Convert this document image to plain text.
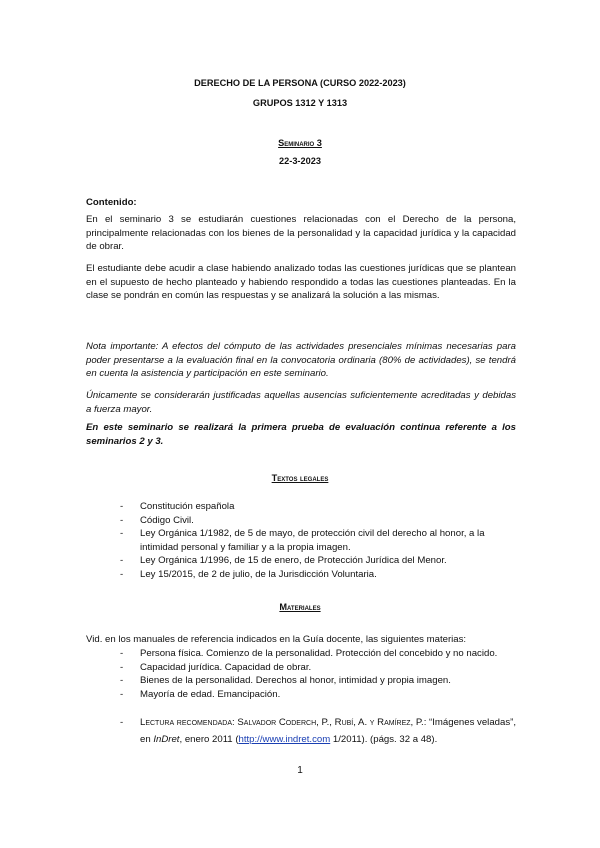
DERECHO DE LA PERSONA (CURSO 2022-2023)
GRUPOS 1312 Y 1313
Seminario 3
22-3-2023
Contenido:
En el seminario 3 se estudiarán cuestiones relacionadas con el Derecho de la persona, principalmente relacionadas con los bienes de la personalidad y la capacidad jurídica y la capacidad de obrar.
El estudiante debe acudir a clase habiendo analizado todas las cuestiones jurídicas que se plantean en el supuesto de hecho planteado y habiendo respondido a todas las cuestiones planteadas. En la clase se pondrán en común las respuestas y se analizará la solución a las mismas.
Nota importante: A efectos del cómputo de las actividades presenciales mínimas necesarias para poder presentarse a la evaluación final en la convocatoria ordinaria (80% de actividades), se tendrá en cuenta la asistencia y participación en este seminario.
Únicamente se considerarán justificadas aquellas ausencias suficientemente acreditadas y debidas a fuerza mayor.
En este seminario se realizará la primera prueba de evaluación continua referente a los seminarios 2 y 3.
Textos legales
- Constitución española
- Código Civil.
- Ley Orgánica 1/1982, de 5 de mayo, de protección civil del derecho al honor, a la intimidad personal y familiar y a la propia imagen.
- Ley Orgánica 1/1996, de 15 de enero, de Protección Jurídica del Menor.
- Ley 15/2015, de 2 de julio, de la Jurisdicción Voluntaria.
Materiales
Vid. en los manuales de referencia indicados en la Guía docente, las siguientes materias:
- Persona física. Comienzo de la personalidad. Protección del concebido y no nacido.
- Capacidad jurídica. Capacidad de obrar.
- Bienes de la personalidad. Derechos al honor, intimidad y propia imagen.
- Mayoría de edad. Emancipación.
- Lectura recomendada: Salvador Coderch, P., Rubí, A. y Ramírez, P.: “Imágenes veladas”, en InDret, enero 2011 (http://www.indret.com 1/2011). (págs. 32 a 48).
1
